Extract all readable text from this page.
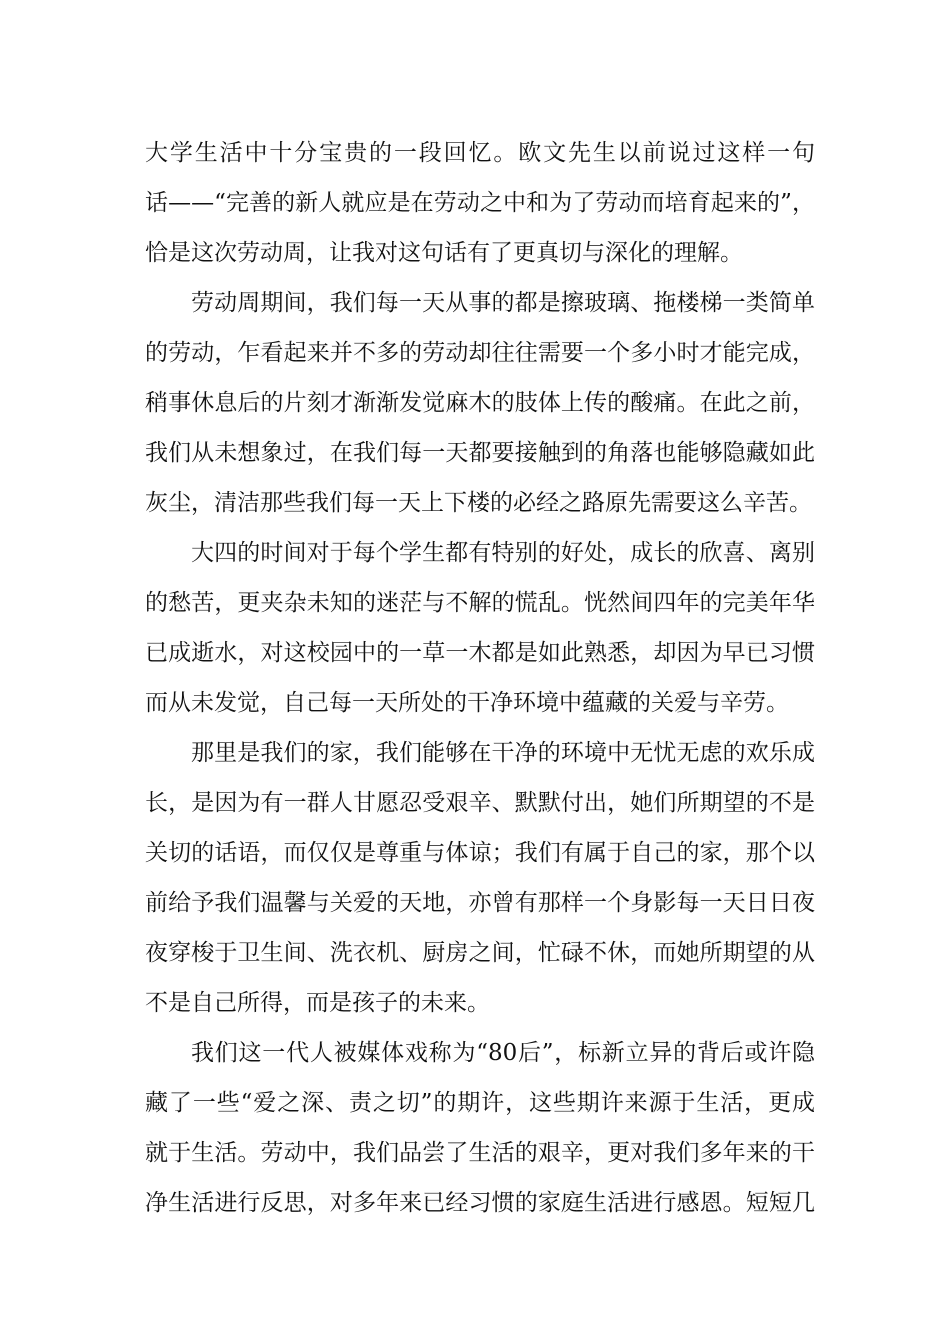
大学生活中十分宝贵的一段回忆。欧文先生以前说过这样一句
话——“完善的新人就应是在劳动之中和为了劳动而培育起来的”，
恰是这次劳动周，让我对这句话有了更真切与深化的理解。
劳动周期间，我们每一天从事的都是擦玻璃、拖楼梯一类简单
的劳动，乍看起来并不多的劳动却往往需要一个多小时才能完成，
稍事休息后的片刻才渐渐发觉麻木的肢体上传的酸痛。在此之前，
我们从未想象过，在我们每一天都要接触到的角落也能够隐藏如此
灰尘，清洁那些我们每一天上下楼的必经之路原先需要这么辛苦。
大四的时间对于每个学生都有特别的好处，成长的欣喜、离别
的愁苦，更夹杂未知的迷茫与不解的慌乱。恍然间四年的完美年华
已成逝水，对这校园中的一草一木都是如此熟悉，却因为早已习惯
而从未发觉，自己每一天所处的干净环境中蕴藏的关爱与辛劳。
那里是我们的家，我们能够在干净的环境中无忧无虑的欢乐成
长，是因为有一群人甘愿忍受艰辛、默默付出，她们所期望的不是
关切的话语，而仅仅是尊重与体谅；我们有属于自己的家，那个以
前给予我们温馨与关爱的天地，亦曾有那样一个身影每一天日日夜
夜穿梭于卫生间、洗衣机、厨房之间，忙碌不休，而她所期望的从
不是自己所得，而是孩子的未来。
我们这一代人被媒体戏称为“80后”，标新立异的背后或许隐
藏了一些“爱之深、责之切”的期许，这些期许来源于生活，更成
就于生活。劳动中，我们品尝了生活的艰辛，更对我们多年来的干
净生活进行反思，对多年来已经习惯的家庭生活进行感恩。短短几
